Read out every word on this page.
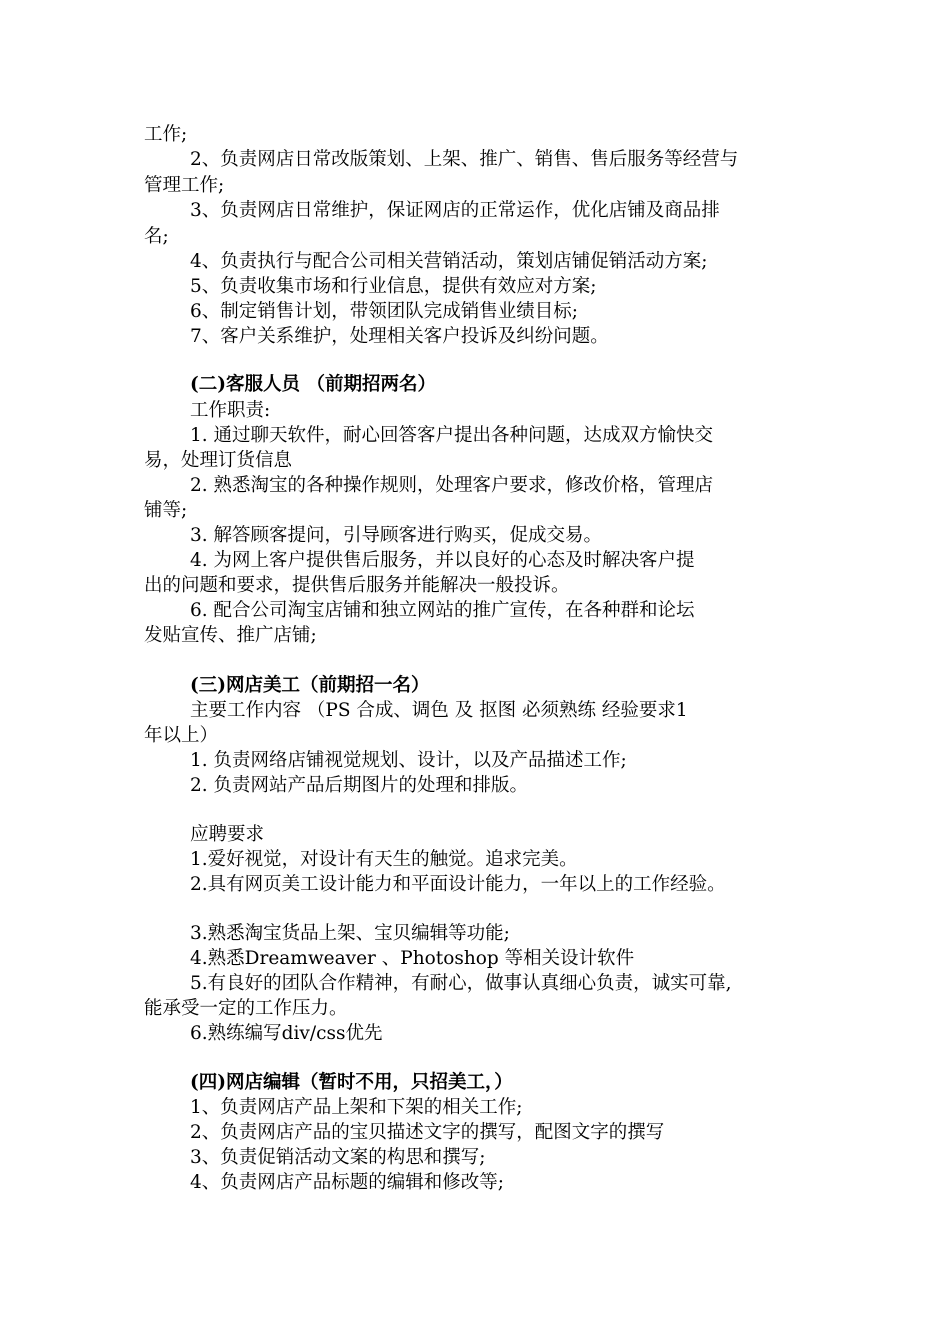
工作;
2、负责网店日常改版策划、上架、推广、销售、售后服务等经营与
管理工作;
3、负责网店日常维护，保证网店的正常运作，优化店铺及商品排
名;
4、负责执行与配合公司相关营销活动，策划店铺促销活动方案;
5、负责收集市场和行业信息，提供有效应对方案;
6、制定销售计划，带领团队完成销售业绩目标;
7、客户关系维护，处理相关客户投诉及纠纷问题。
(二)客服人员 （前期招两名）
工作职责:
1. 通过聊天软件，耐心回答客户提出各种问题，达成双方愉快交
易，处理订货信息
2. 熟悉淘宝的各种操作规则，处理客户要求，修改价格，管理店
铺等;
3. 解答顾客提问，引导顾客进行购买，促成交易。
4. 为网上客户提供售后服务，并以良好的心态及时解决客户提
出的问题和要求，提供售后服务并能解决一般投诉。
6. 配合公司淘宝店铺和独立网站的推广宣传，在各种群和论坛
发贴宣传、推广店铺;
(三)网店美工（前期招一名）
主要工作内容 （PS 合成、调色 及 抠图 必须熟练 经验要求1
年以上）
1. 负责网络店铺视觉规划、设计，以及产品描述工作;
2. 负责网站产品后期图片的处理和排版。
应聘要求
1.爱好视觉，对设计有天生的触觉。追求完美。
2.具有网页美工设计能力和平面设计能力，一年以上的工作经验。
3.熟悉淘宝货品上架、宝贝编辑等功能;
4.熟悉Dreamweaver 、Photoshop 等相关设计软件
5.有良好的团队合作精神，有耐心，做事认真细心负责，诚实可靠,
能承受一定的工作压力。
6.熟练编写div/css优先
(四)网店编辑（暂时不用，只招美工，）
1、负责网店产品上架和下架的相关工作;
2、负责网店产品的宝贝描述文字的撰写，配图文字的撰写
3、负责促销活动文案的构思和撰写;
4、负责网店产品标题的编辑和修改等;
